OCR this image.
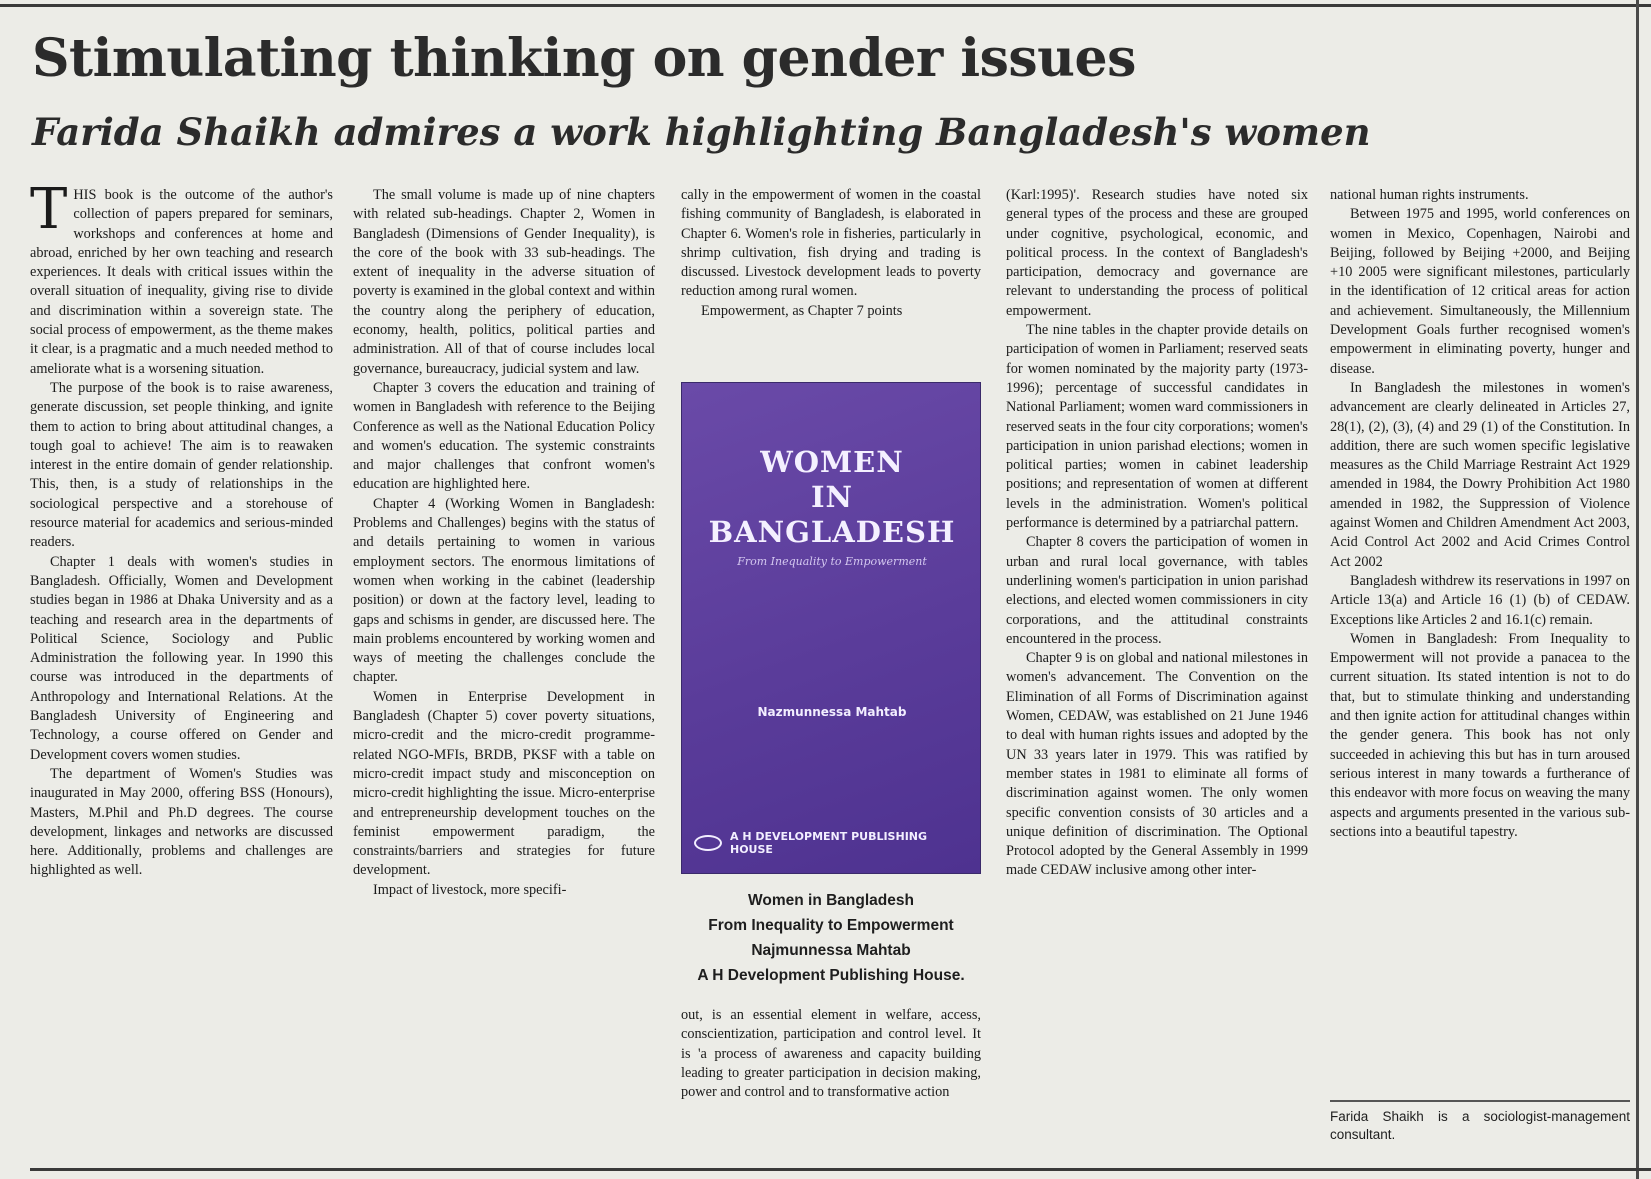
Stimulating thinking on gender issues
Farida Shaikh admires a work highlighting Bangladesh's women

THIS book is the outcome of the author's collection of papers prepared for seminars, workshops and conferences at home and abroad, enriched by her own teaching and research experiences. It deals with critical issues within the overall situation of inequality, giving rise to divide and discrimination within a sovereign state. The social process of empowerment, as the theme makes it clear, is a pragmatic and a much needed method to ameliorate what is a worsening situation.

The purpose of the book is to raise awareness, generate discussion, set people thinking, and ignite them to action to bring about attitudinal changes, a tough goal to achieve! The aim is to reawaken interest in the entire domain of gender relationship. This, then, is a study of relationships in the sociological perspective and a storehouse of resource material for academics and serious-minded readers.

Chapter 1 deals with women's studies in Bangladesh. Officially, Women and Development studies began in 1986 at Dhaka University and as a teaching and research area in the departments of Political Science, Sociology and Public Administration the following year. In 1990 this course was introduced in the departments of Anthropology and International Relations. At the Bangladesh University of Engineering and Technology, a course offered on Gender and Development covers women studies.

The department of Women's Studies was inaugurated in May 2000, offering BSS (Honours), Masters, M.Phil and Ph.D degrees. The course development, linkages and networks are discussed here. Additionally, problems and challenges are highlighted as well.

The small volume is made up of nine chapters with related sub-headings. Chapter 2, Women in Bangladesh (Dimensions of Gender Inequality), is the core of the book with 33 sub-headings. The extent of inequality in the adverse situation of poverty is examined in the global context and within the country along the periphery of education, economy, health, politics, political parties and administration. All of that of course includes local governance, bureaucracy, judicial system and law.

Chapter 3 covers the education and training of women in Bangladesh with reference to the Beijing Conference as well as the National Education Policy and women's education. The systemic constraints and major challenges that confront women's education are highlighted here.

Chapter 4 (Working Women in Bangladesh: Problems and Challenges) begins with the status of and details pertaining to women in various employment sectors. The enormous limitations of women when working in the cabinet (leadership position) or down at the factory level, leading to gaps and schisms in gender, are discussed here. The main problems encountered by working women and ways of meeting the challenges conclude the chapter.

Women in Enterprise Development in Bangladesh (Chapter 5) cover poverty situations, micro-credit and the micro-credit programme-related NGO-MFIs, BRDB, PKSF with a table on micro-credit impact study and misconception on micro-credit highlighting the issue. Micro-enterprise and entrepreneurship development touches on the feminist empowerment paradigm, the constraints/barriers and strategies for future development.

Impact of livestock, more specifi-

cally in the empowerment of women in the coastal fishing community of Bangladesh, is elaborated in Chapter 6. Women's role in fisheries, particularly in shrimp cultivation, fish drying and trading is discussed. Livestock development leads to poverty reduction among rural women.

Empowerment, as Chapter 7 points

WOMEN
IN
BANGLADESH
From Inequality to Empowerment
Nazmunnessa Mahtab
A H DEVELOPMENT PUBLISHING HOUSE
Women in Bangladesh
From Inequality to Empowerment
Najmunnessa Mahtab
A H Development Publishing House.

out, is an essential element in welfare, access, conscientization, participation and control level. It is 'a process of awareness and capacity building leading to greater participation in decision making, power and control and to transformative action

(Karl:1995)'. Research studies have noted six general types of the process and these are grouped under cognitive, psychological, economic, and political process. In the context of Bangladesh's participation, democracy and governance are relevant to understanding the process of political empowerment.

The nine tables in the chapter provide details on participation of women in Parliament; reserved seats for women nominated by the majority party (1973-1996); percentage of successful candidates in National Parliament; women ward commissioners in reserved seats in the four city corporations; women's participation in union parishad elections; women in political parties; women in cabinet leadership positions; and representation of women at different levels in the administration. Women's political performance is determined by a patriarchal pattern.

Chapter 8 covers the participation of women in urban and rural local governance, with tables underlining women's participation in union parishad elections, and elected women commissioners in city corporations, and the attitudinal constraints encountered in the process.

Chapter 9 is on global and national milestones in women's advancement. The Convention on the Elimination of all Forms of Discrimination against Women, CEDAW, was established on 21 June 1946 to deal with human rights issues and adopted by the UN 33 years later in 1979. This was ratified by member states in 1981 to eliminate all forms of discrimination against women. The only women specific convention consists of 30 articles and a unique definition of discrimination. The Optional Protocol adopted by the General Assembly in 1999 made CEDAW inclusive among other inter-

national human rights instruments.

Between 1975 and 1995, world conferences on women in Mexico, Copenhagen, Nairobi and Beijing, followed by Beijing +2000, and Beijing +10 2005 were significant milestones, particularly in the identification of 12 critical areas for action and achievement. Simultaneously, the Millennium Development Goals further recognised women's empowerment in eliminating poverty, hunger and disease.

In Bangladesh the milestones in women's advancement are clearly delineated in Articles 27, 28(1), (2), (3), (4) and 29 (1) of the Constitution. In addition, there are such women specific legislative measures as the Child Marriage Restraint Act 1929 amended in 1984, the Dowry Prohibition Act 1980 amended in 1982, the Suppression of Violence against Women and Children Amendment Act 2003, Acid Control Act 2002 and Acid Crimes Control Act 2002

Bangladesh withdrew its reservations in 1997 on Article 13(a) and Article 16 (1) (b) of CEDAW. Exceptions like Articles 2 and 16.1(c) remain.

Women in Bangladesh: From Inequality to Empowerment will not provide a panacea to the current situation. Its stated intention is not to do that, but to stimulate thinking and understanding and then ignite action for attitudinal changes within the gender genera. This book has not only succeeded in achieving this but has in turn aroused serious interest in many towards a furtherance of this endeavor with more focus on weaving the many aspects and arguments presented in the various sub-sections into a beautiful tapestry.

Farida Shaikh is a sociologist-management consultant.
